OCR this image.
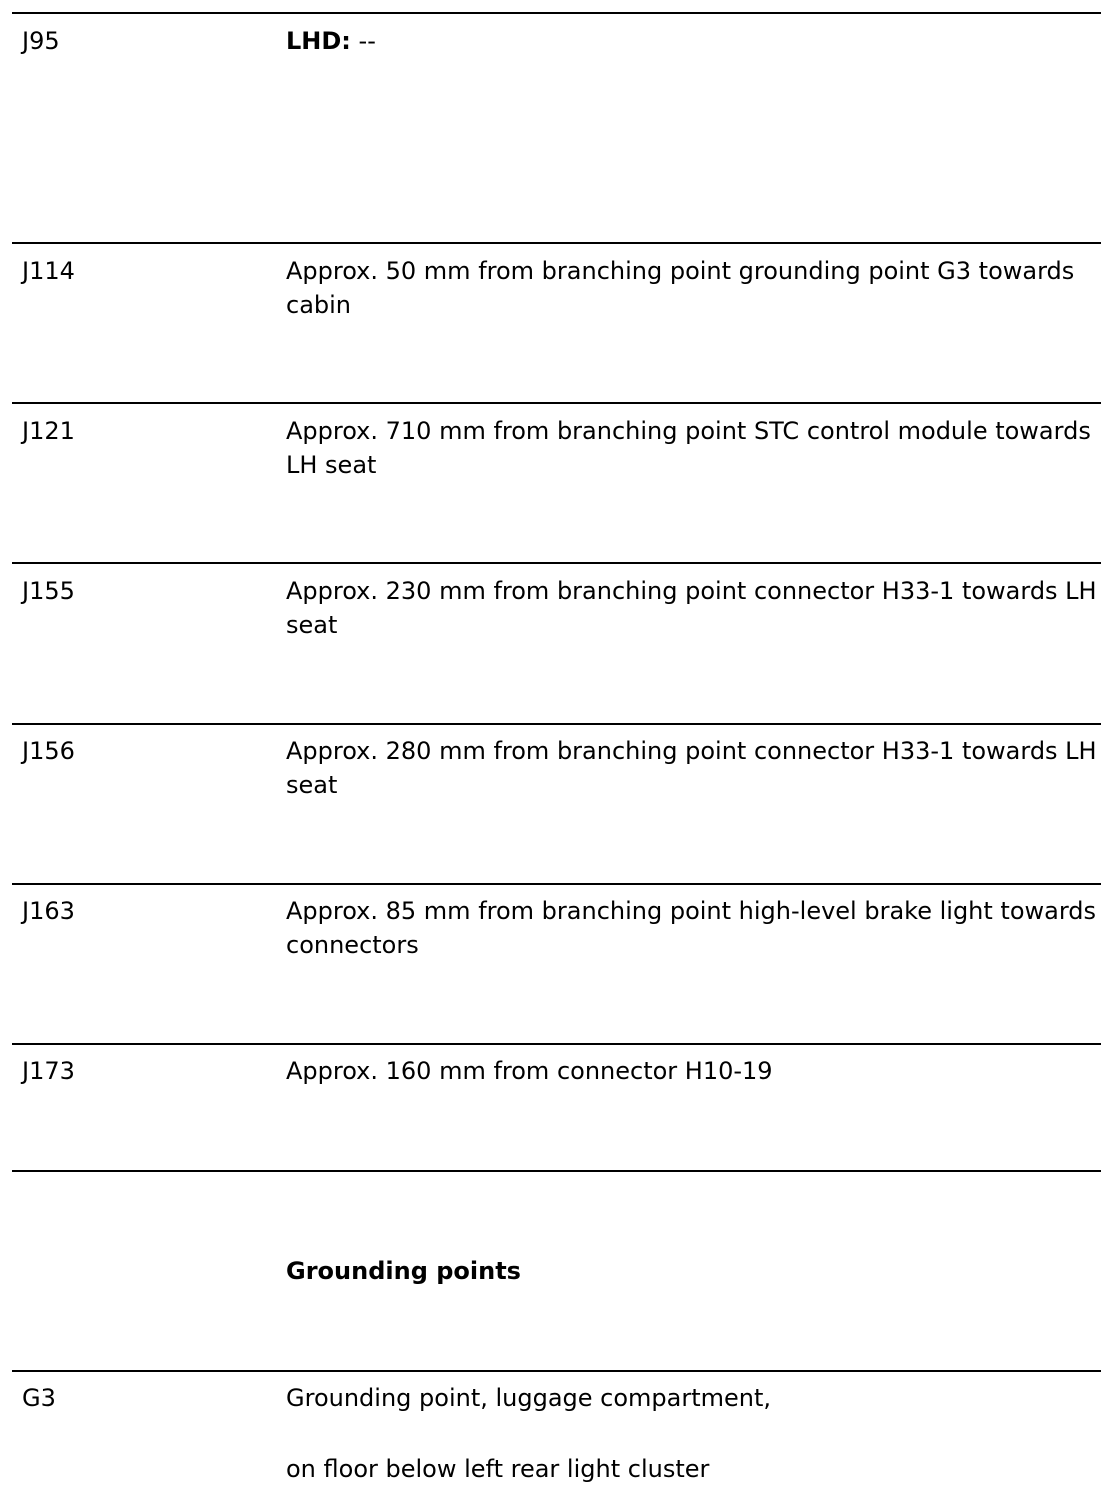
J95	LHD: --
J114	Approx. 50 mm from branching point grounding point G3 towards cabin
J121	Approx. 710 mm from branching point STC control module towards LH seat
J155	Approx. 230 mm from branching point connector H33-1 towards LH seat
J156	Approx. 280 mm from branching point connector H33-1 towards LH seat
J163	Approx. 85 mm from branching point high-level brake light towards connectors
J173	Approx. 160 mm from connector H10-19
Grounding points
G3	Grounding point, luggage compartment,
on floor below left rear light cluster
